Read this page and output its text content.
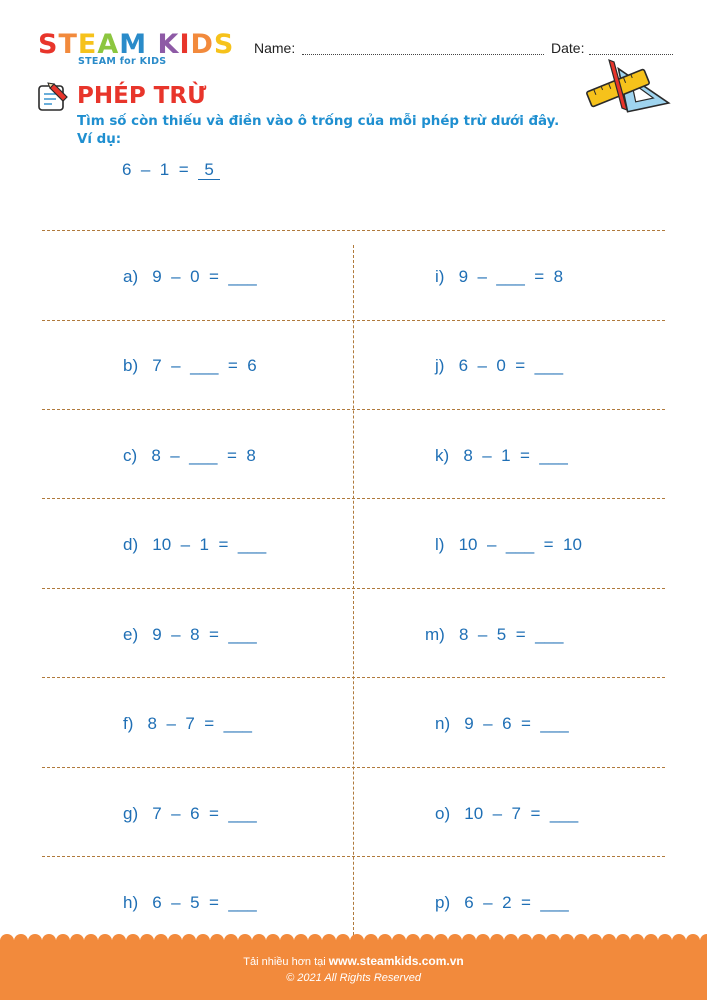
STEAM KIDS
STEAM for KIDS
Name:	Date:
PHÉP TRỪ
Tìm số còn thiếu và điền vào ô trống của mỗi phép trừ dưới đây.
Ví dụ:
6  –  1  =  5
a)   9  –  0  =  ___
b)   7  –  ___  =  6
c)   8  –  ___  =  8
d)   10  –  1  =  ___
e)   9  –  8  =  ___
f)   8  –  7  =  ___
g)   7  –  6  =  ___
h)   6  –  5  =  ___
i)   9  –  ___  =  8
j)   6  –  0  =  ___
k)   8  –  1  =  ___
l)   10  –  ___  =  10
m)   8  –  5  =  ___
n)   9  –  6  =  ___
o)   10  –  7  =  ___
p)   6  –  2  =  ___
Tải nhiều hơn tại www.steamkids.com.vn
© 2021 All Rights Reserved
